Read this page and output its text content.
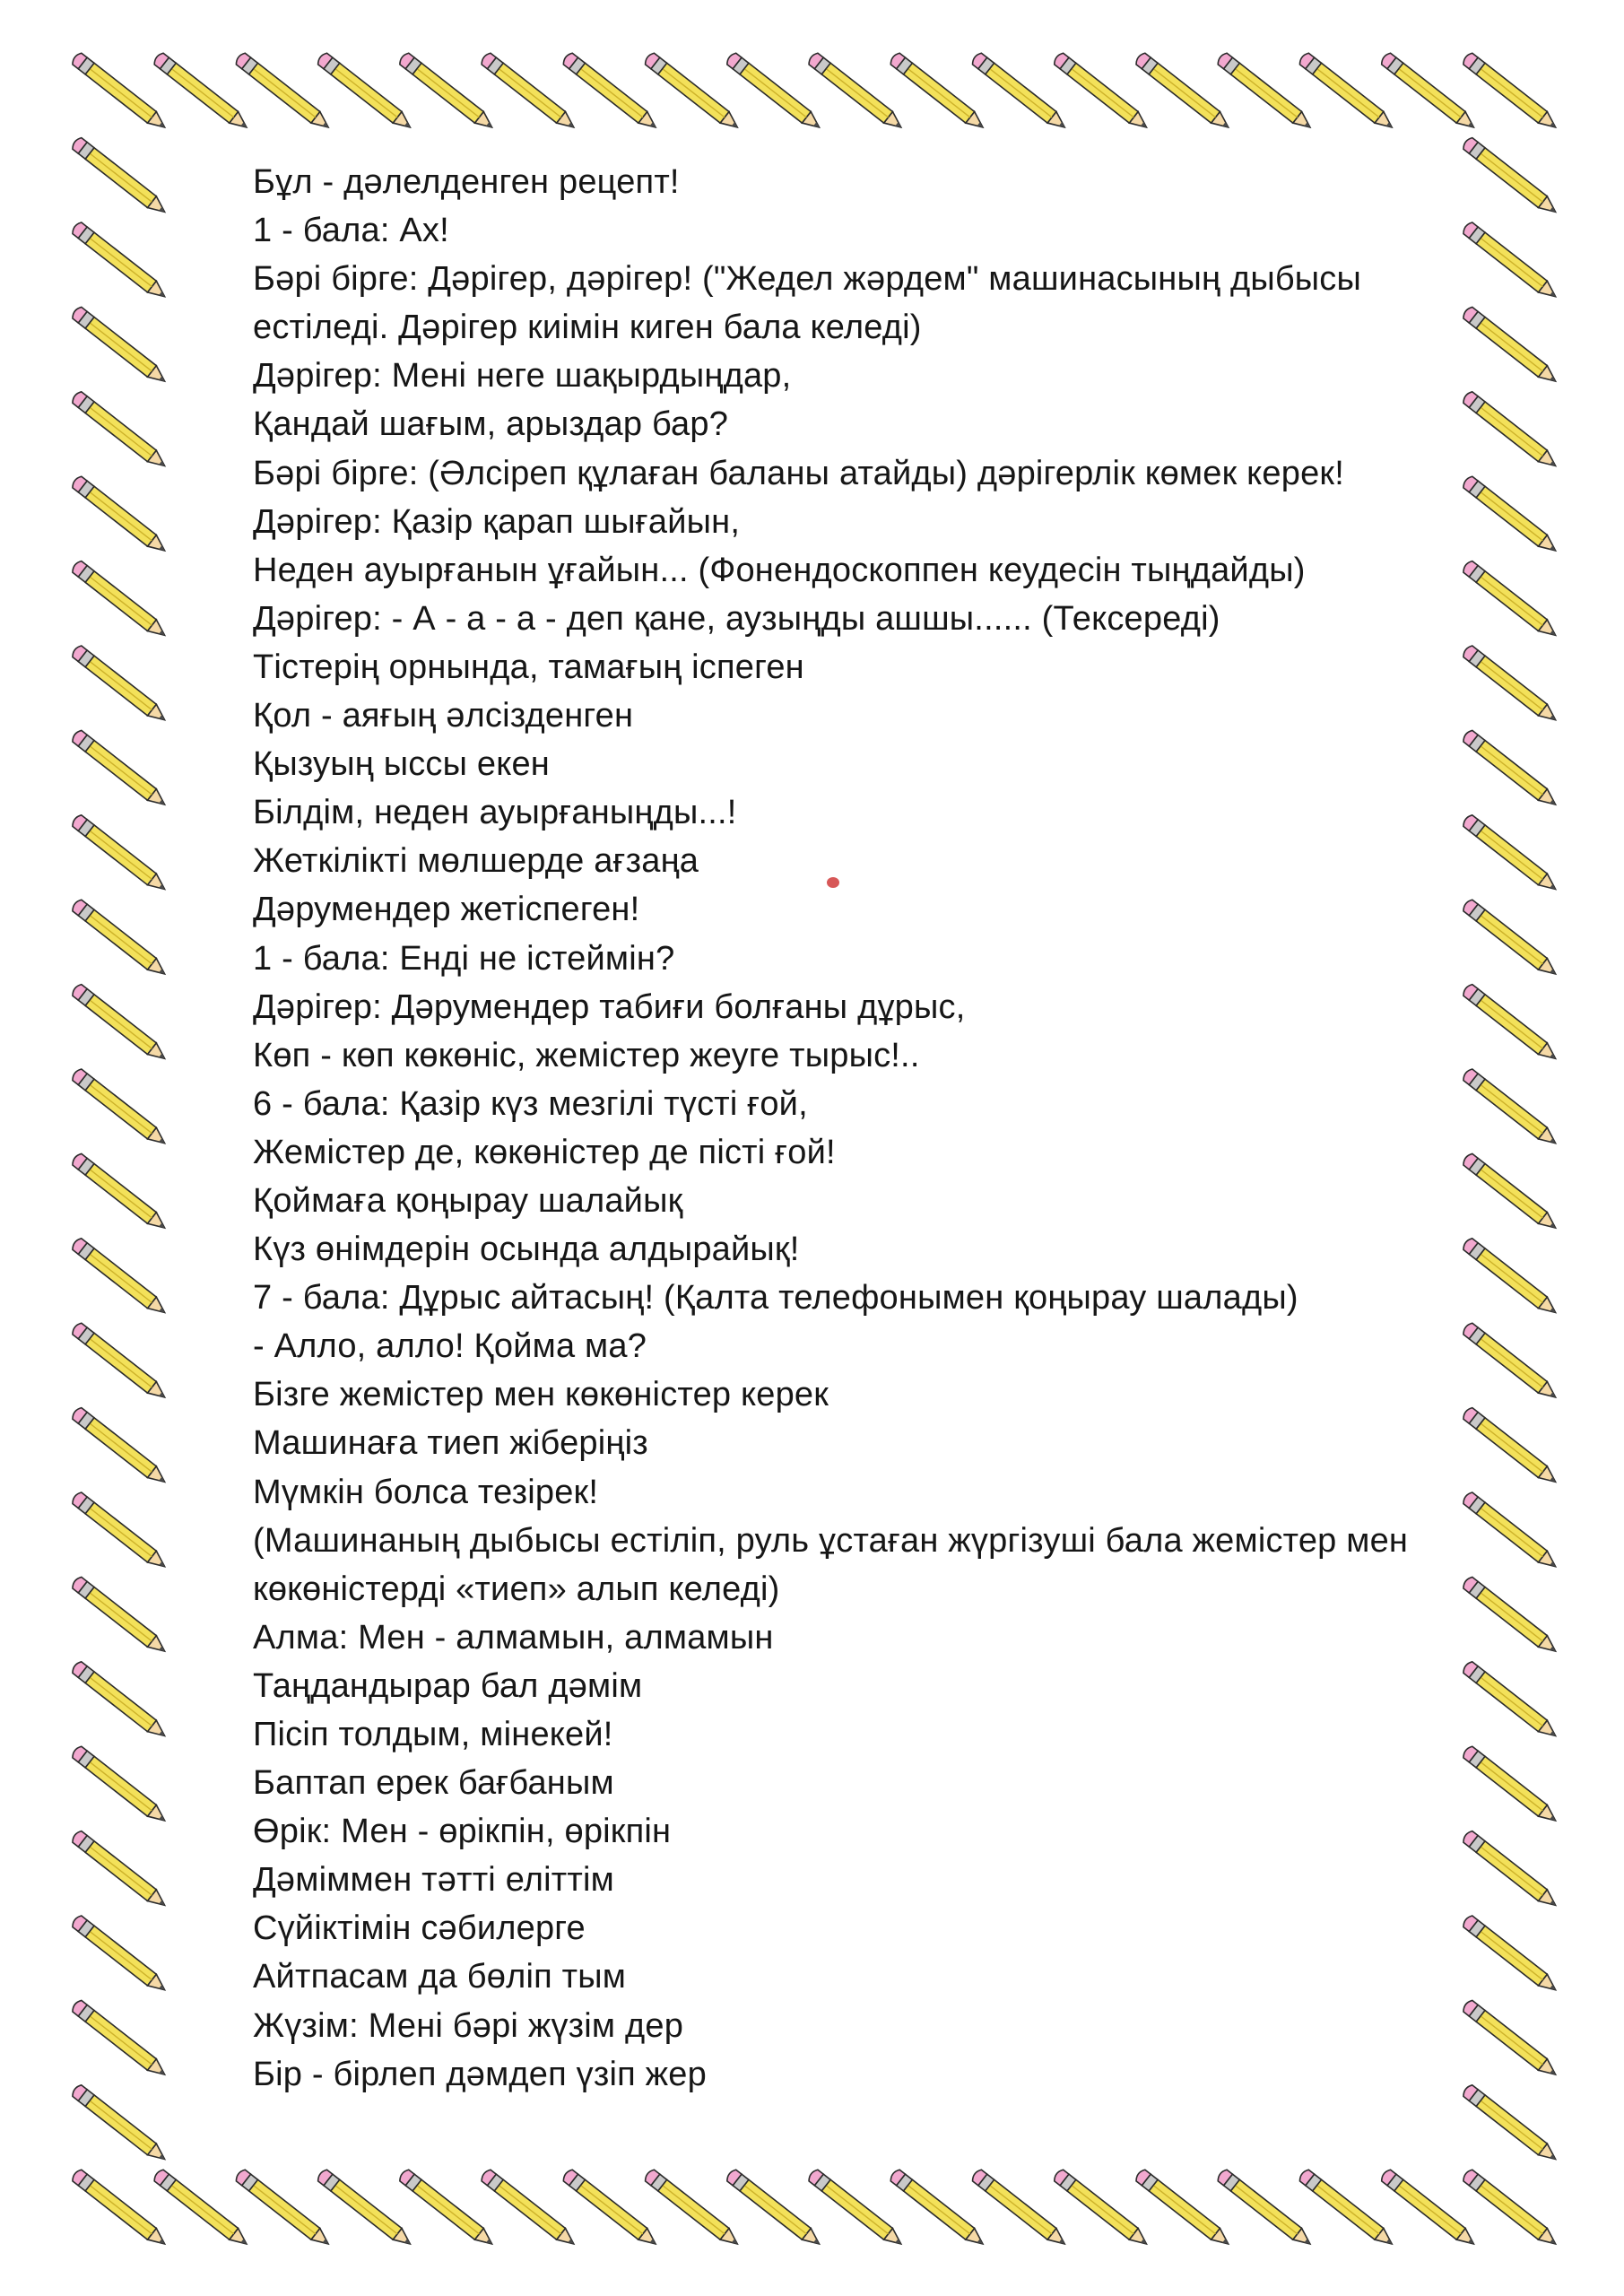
Бұл - дәлелденген рецепт!
1 - бала: Ах!
Бәрі бірге: Дәрігер, дәрігер! ("Жедел жәрдем" машинасының дыбысы
естіледі. Дәрігер киімін киген бала келеді)
Дәрігер: Мені неге шақырдыңдар,
Қандай шағым, арыздар бар?
Бәрі бірге: (Әлсіреп құлаған баланы атайды) дәрігерлік көмек керек!
Дәрігер: Қазір қарап шығайын,
Неден ауырғанын ұғайын... (Фонендоскоппен кеудесін тыңдайды)
Дәрігер: - А - а - а - деп қане, аузыңды ашшы...... (Тексереді)
Тістерің орнында, тамағың іспеген
Қол - аяғың әлсізденген
Қызуың ыссы екен
Білдім, неден ауырғаныңды...!
Жеткілікті мөлшерде ағзаңа
Дәрумендер жетіспеген!
1 - бала: Енді не істеймін?
Дәрігер: Дәрумендер табиғи болғаны дұрыс,
Көп - көп көкөніс, жемістер жеуге тырыс!..
6 - бала: Қазір күз мезгілі түсті ғой,
Жемістер де, көкөністер де пісті ғой!
Қоймаға қоңырау шалайық
Күз өнімдерін осында алдырайық!
7 - бала: Дұрыс айтасың! (Қалта телефонымен қоңырау шалады)
- Алло, алло! Қойма ма?
Бізге жемістер мен көкөністер керек
Машинаға тиеп жіберіңіз
Мүмкін болса тезірек!
(Машинаның дыбысы естіліп, руль ұстаған жүргізуші бала жемістер мен
көкөністерді «тиеп» алып келеді)
Алма: Мен - алмамын, алмамын
Таңдандырар бал дәмім
Пісіп толдым, мінекей!
Баптап ерек бағбаным
Өрік: Мен - өрікпін, өрікпін
Дәміммен тәтті еліттім
Сүйіктімін сәбилерге
Айтпасам да бөліп тым
Жүзім: Мені бәрі жүзім дер
Бір - бірлеп дәмдеп үзіп жер
